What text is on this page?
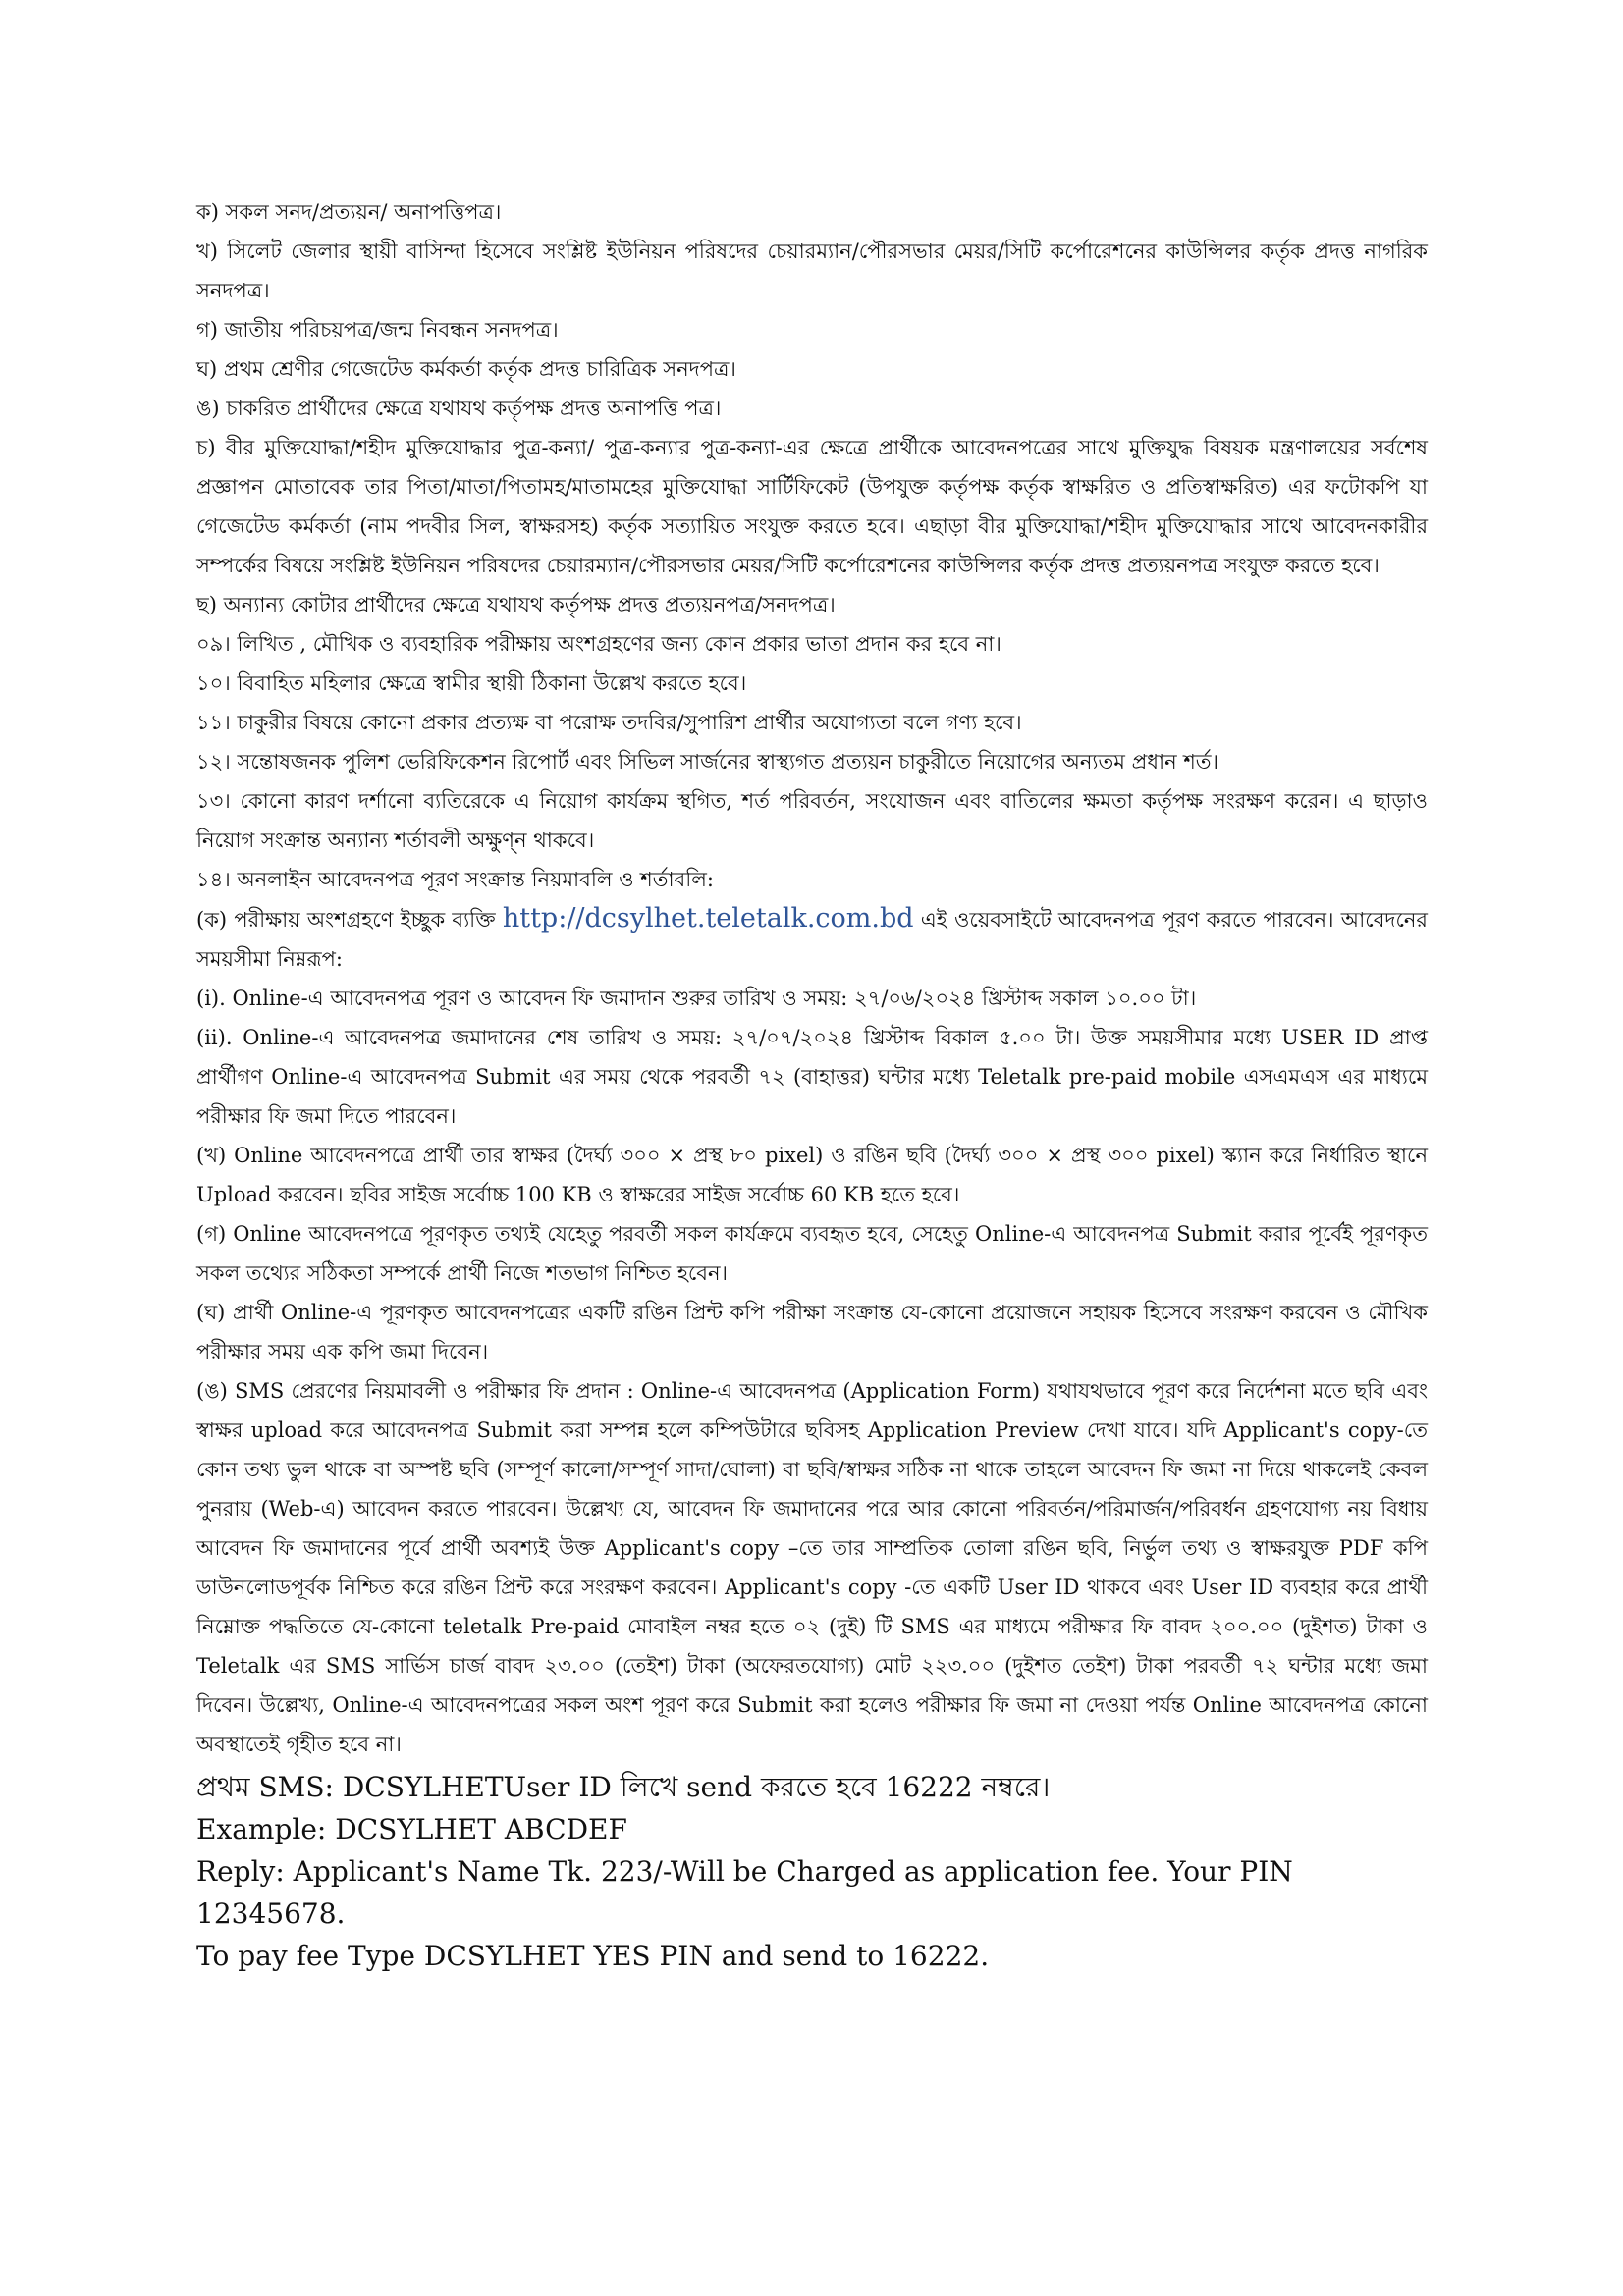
ক) সকল সনদ/প্রত্যয়ন/ অনাপত্তিপত্র।

খ) সিলেট জেলার স্থায়ী বাসিন্দা হিসেবে সংশ্লিষ্ট ইউনিয়ন পরিষদের চেয়ারম্যান/পৌরসভার মেয়র/সিটি কর্পোরেশনের কাউন্সিলর কর্তৃক প্রদত্ত নাগরিক সনদপত্র।

গ) জাতীয় পরিচয়পত্র/জন্ম নিবন্ধন সনদপত্র।

ঘ) প্রথম শ্রেণীর গেজেটেড কর্মকর্তা কর্তৃক প্রদত্ত চারিত্রিক সনদপত্র।

ঙ) চাকরিত প্রার্থীদের ক্ষেত্রে যথাযথ কর্তৃপক্ষ প্রদত্ত অনাপত্তি পত্র।

চ) বীর মুক্তিযোদ্ধা/শহীদ মুক্তিযোদ্ধার পুত্র-কন্যা/ পুত্র-কন্যার পুত্র-কন্যা-এর ক্ষেত্রে প্রার্থীকে আবেদনপত্রের সাথে মুক্তিযুদ্ধ বিষয়ক মন্ত্রণালয়ের সর্বশেষ প্রজ্ঞাপন মোতাবেক তার পিতা/মাতা/পিতামহ/মাতামহের মুক্তিযোদ্ধা সার্টিফিকেট (উপযুক্ত কর্তৃপক্ষ কর্তৃক স্বাক্ষরিত ও প্রতিস্বাক্ষরিত) এর ফটোকপি যা গেজেটেড কর্মকর্তা (নাম পদবীর সিল, স্বাক্ষরসহ) কর্তৃক সত্যায়িত সংযুক্ত করতে হবে। এছাড়া বীর মুক্তিযোদ্ধা/শহীদ মুক্তিযোদ্ধার সাথে আবেদনকারীর সম্পর্কের বিষয়ে সংশ্লিষ্ট ইউনিয়ন পরিষদের চেয়ারম্যান/পৌরসভার মেয়র/সিটি কর্পোরেশনের কাউন্সিলর কর্তৃক প্রদত্ত প্রত্যয়নপত্র সংযুক্ত করতে হবে।

ছ) অন্যান্য কোটার প্রার্থীদের ক্ষেত্রে যথাযথ কর্তৃপক্ষ প্রদত্ত প্রত্যয়নপত্র/সনদপত্র।

০৯। লিখিত , মৌখিক ও ব্যবহারিক পরীক্ষায় অংশগ্রহণের জন্য কোন প্রকার ভাতা প্রদান কর হবে না।

১০। বিবাহিত মহিলার ক্ষেত্রে স্বামীর স্থায়ী ঠিকানা উল্লেখ করতে হবে।

১১। চাকুরীর বিষয়ে কোনো প্রকার প্রত্যক্ষ বা পরোক্ষ তদবির/সুপারিশ প্রার্থীর অযোগ্যতা বলে গণ্য হবে।

১২। সন্তোষজনক পুলিশ ভেরিফিকেশন রিপোর্ট এবং সিভিল সার্জনের স্বাস্থ্যগত প্রত্যয়ন চাকুরীতে নিয়োগের অন্যতম প্রধান শর্ত।

১৩। কোনো কারণ দর্শানো ব্যতিরেকে এ নিয়োগ কার্যক্রম স্থগিত, শর্ত পরিবর্তন, সংযোজন এবং বাতিলের ক্ষমতা কর্তৃপক্ষ সংরক্ষণ করেন। এ ছাড়াও নিয়োগ সংক্রান্ত অন্যান্য শর্তাবলী অক্ষুণ্ন থাকবে।

১৪। অনলাইন আবেদনপত্র পূরণ সংক্রান্ত নিয়মাবলি ও শর্তাবলি:

(ক) পরীক্ষায় অংশগ্রহণে ইচ্ছুক ব্যক্তি http://dcsylhet.teletalk.com.bd এই ওয়েবসাইটে আবেদনপত্র পূরণ করতে পারবেন। আবেদনের সময়সীমা নিম্নরূপ:

(i). Online-এ আবেদনপত্র পূরণ ও আবেদন ফি জমাদান শুরুর তারিখ ও সময়: ২৭/০৬/২০২৪ খ্রিস্টাব্দ সকাল ১০.০০ টা।

(ii). Online-এ আবেদনপত্র জমাদানের শেষ তারিখ ও সময়: ২৭/০৭/২০২৪ খ্রিস্টাব্দ বিকাল ৫.০০ টা। উক্ত সময়সীমার মধ্যে USER ID প্রাপ্ত প্রার্থীগণ Online-এ আবেদনপত্র Submit এর সময় থেকে পরবর্তী ৭২ (বাহাত্তর) ঘন্টার মধ্যে Teletalk pre-paid mobile এসএমএস এর মাধ্যমে পরীক্ষার ফি জমা দিতে পারবেন।

(খ) Online আবেদনপত্রে প্রার্থী তার স্বাক্ষর (দৈর্ঘ্য ৩০০ × প্রস্থ ৮০ pixel) ও রঙিন ছবি (দৈর্ঘ্য ৩০০ × প্রস্থ ৩০০ pixel) স্ক্যান করে নির্ধারিত স্থানে Upload করবেন। ছবির সাইজ সর্বোচ্চ 100 KB ও স্বাক্ষরের সাইজ সর্বোচ্চ 60 KB হতে হবে।

(গ) Online আবেদনপত্রে পূরণকৃত তথ্যই যেহেতু পরবর্তী সকল কার্যক্রমে ব্যবহৃত হবে, সেহেতু Online-এ আবেদনপত্র Submit করার পূর্বেই পূরণকৃত সকল তথ্যের সঠিকতা সম্পর্কে প্রার্থী নিজে শতভাগ নিশ্চিত হবেন।

(ঘ) প্রার্থী Online-এ পূরণকৃত আবেদনপত্রের একটি রঙিন প্রিন্ট কপি পরীক্ষা সংক্রান্ত যে-কোনো প্রয়োজনে সহায়ক হিসেবে সংরক্ষণ করবেন ও মৌখিক পরীক্ষার সময় এক কপি জমা দিবেন।

(ঙ) SMS প্রেরণের নিয়মাবলী ও পরীক্ষার ফি প্রদান : Online-এ আবেদনপত্র (Application Form) যথাযথভাবে পূরণ করে নির্দেশনা মতে ছবি এবং স্বাক্ষর upload করে আবেদনপত্র Submit করা সম্পন্ন হলে কম্পিউটারে ছবিসহ Application Preview দেখা যাবে। যদি Applicant's copy-তে কোন তথ্য ভুল থাকে বা অস্পষ্ট ছবি (সম্পূর্ণ কালো/সম্পূর্ণ সাদা/ঘোলা) বা ছবি/স্বাক্ষর সঠিক না থাকে তাহলে আবেদন ফি জমা না দিয়ে থাকলেই কেবল পুনরায় (Web-এ) আবেদন করতে পারবেন। উল্লেখ্য যে, আবেদন ফি জমাদানের পরে আর কোনো পরিবর্তন/পরিমার্জন/পরিবর্ধন গ্রহণযোগ্য নয় বিধায় আবেদন ফি জমাদানের পূর্বে প্রার্থী অবশ্যই উক্ত Applicant's copy –তে তার সাম্প্রতিক তোলা রঙিন ছবি, নির্ভুল তথ্য ও স্বাক্ষরযুক্ত PDF কপি ডাউনলোডপূর্বক নিশ্চিত করে রঙিন প্রিন্ট করে সংরক্ষণ করবেন। Applicant's copy -তে একটি User ID থাকবে এবং User ID ব্যবহার করে প্রার্থী নিম্নোক্ত পদ্ধতিতে যে-কোনো teletalk Pre-paid মোবাইল নম্বর হতে ০২ (দুই) টি SMS এর মাধ্যমে পরীক্ষার ফি বাবদ ২০০.০০ (দুইশত) টাকা ও Teletalk এর SMS সার্ভিস চার্জ বাবদ ২৩.০০ (তেইশ) টাকা (অফেরতযোগ্য) মোট ২২৩.০০ (দুইশত তেইশ) টাকা পরবর্তী ৭২ ঘন্টার মধ্যে জমা দিবেন। উল্লেখ্য, Online-এ আবেদনপত্রের সকল অংশ পূরণ করে Submit করা হলেও পরীক্ষার ফি জমা না দেওয়া পর্যন্ত Online আবেদনপত্র কোনো অবস্থাতেই গৃহীত হবে না।

প্রথম SMS: DCSYLHETUser ID লিখে send করতে হবে 16222 নম্বরে।

Example: DCSYLHET ABCDEF

Reply: Applicant's Name Tk. 223/-Will be Charged as application fee. Your PIN 12345678.

To pay fee Type DCSYLHET YES PIN and send to 16222.
